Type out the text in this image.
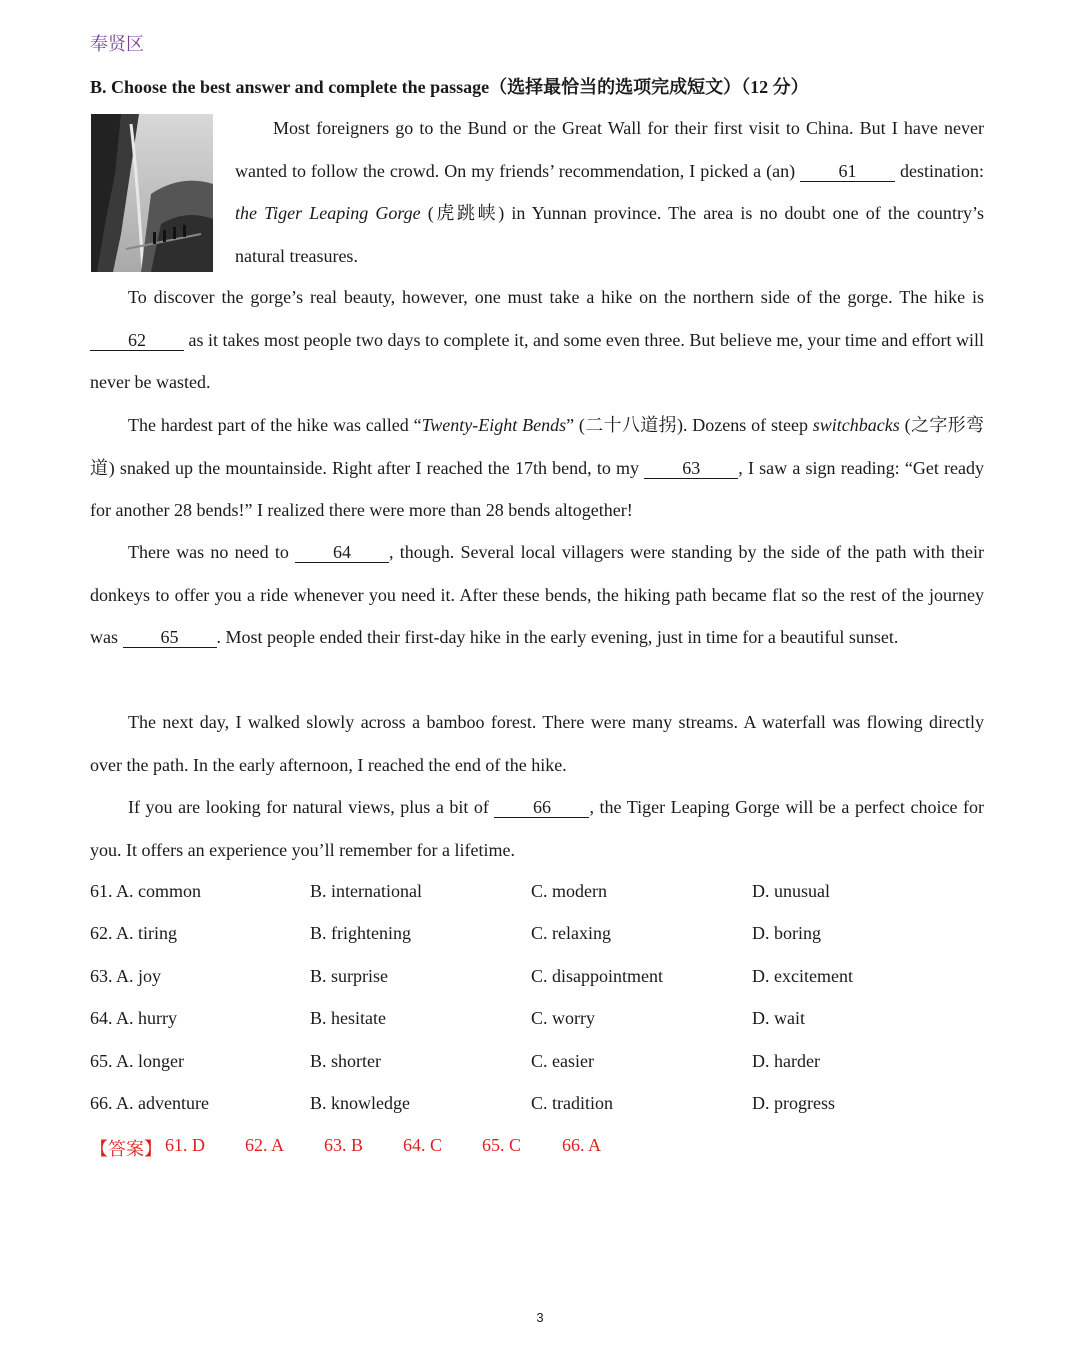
奉贤区
B. Choose the best answer and complete the passage（选择最恰当的选项完成短文）（12 分）

Most foreigners go to the Bund or the Great Wall for their first visit to China. But I have never wanted to follow the crowd. On my friends’ recommendation, I picked a (an) 61 destination: the Tiger Leaping Gorge (虎跳峡) in Yunnan province. The area is no doubt one of the country’s natural treasures.

To discover the gorge’s real beauty, however, one must take a hike on the northern side of the gorge. The hike is 62 as it takes most people two days to complete it, and some even three. But believe me, your time and effort will never be wasted.

The hardest part of the hike was called “Twenty-Eight Bends” (二十八道拐). Dozens of steep switchbacks (之字形弯道) snaked up the mountainside. Right after I reached the 17th bend, to my 63 , I saw a sign reading: “Get ready for another 28 bends!” I realized there were more than 28 bends altogether!

There was no need to 64 , though. Several local villagers were standing by the side of the path with their donkeys to offer you a ride whenever you need it. After these bends, the hiking path became flat so the rest of the journey was 65 . Most people ended their first-day hike in the early evening, just in time for a beautiful sunset.

The next day, I walked slowly across a bamboo forest. There were many streams. A waterfall was flowing directly over the path. In the early afternoon, I reached the end of the hike.

If you are looking for natural views, plus a bit of 66 , the Tiger Leaping Gorge will be a perfect choice for you. It offers an experience you’ll remember for a lifetime.

61. A. common	B. international	C. modern	D. unusual
62. A. tiring	B. frightening	C. relaxing	D. boring
63. A. joy	B. surprise	C. disappointment	D. excitement
64. A. hurry	B. hesitate	C. worry	D. wait
65. A. longer	B. shorter	C. easier	D. harder
66. A. adventure	B. knowledge	C. tradition	D. progress
【答案】 61. D 62. A 63. B 64. C 65. C 66. A
3
